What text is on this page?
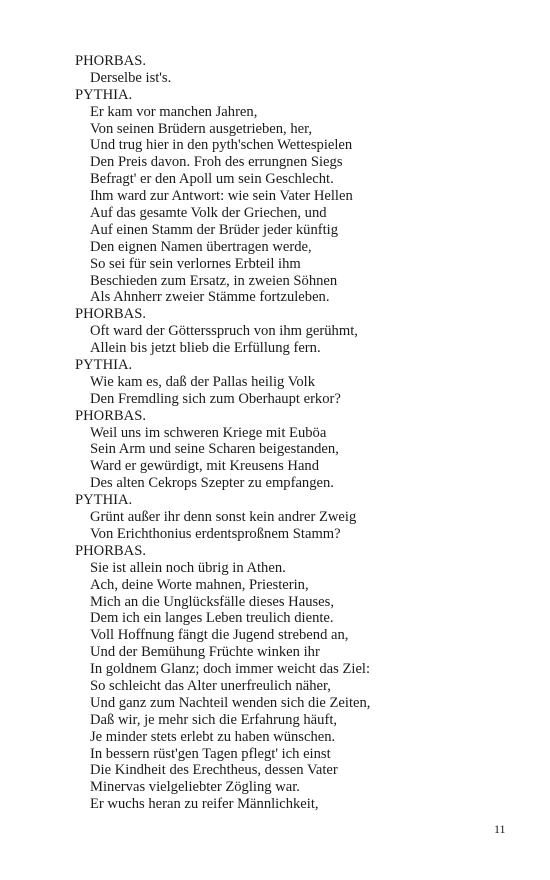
PHORBAS.
Derselbe ist's.
PYTHIA.
Er kam vor manchen Jahren,
Von seinen Brüdern ausgetrieben, her,
Und trug hier in den pyth'schen Wettespielen
Den Preis davon. Froh des errungnen Siegs
Befragt' er den Apoll um sein Geschlecht.
Ihm ward zur Antwort: wie sein Vater Hellen
Auf das gesamte Volk der Griechen, und
Auf einen Stamm der Brüder jeder künftig
Den eignen Namen übertragen werde,
So sei für sein verlornes Erbteil ihm
Beschieden zum Ersatz, in zweien Söhnen
Als Ahnherr zweier Stämme fortzuleben.
PHORBAS.
Oft ward der Göttersspruch von ihm gerühmt,
Allein bis jetzt blieb die Erfüllung fern.
PYTHIA.
Wie kam es, daß der Pallas heilig Volk
Den Fremdling sich zum Oberhaupt erkor?
PHORBAS.
Weil uns im schweren Kriege mit Euböa
Sein Arm und seine Scharen beigestanden,
Ward er gewürdigt, mit Kreusens Hand
Des alten Cekrops Szepter zu empfangen.
PYTHIA.
Grünt außer ihr denn sonst kein andrer Zweig
Von Erichthonius erdentsproßnem Stamm?
PHORBAS.
Sie ist allein noch übrig in Athen.
Ach, deine Worte mahnen, Priesterin,
Mich an die Unglücksfälle dieses Hauses,
Dem ich ein langes Leben treulich diente.
Voll Hoffnung fängt die Jugend strebend an,
Und der Bemühung Früchte winken ihr
In goldnem Glanz; doch immer weicht das Ziel:
So schleicht das Alter unerfreulich näher,
Und ganz zum Nachteil wenden sich die Zeiten,
Daß wir, je mehr sich die Erfahrung häuft,
Je minder stets erlebt zu haben wünschen.
In bessern rüst'gen Tagen pflegt' ich einst
Die Kindheit des Erechtheus, dessen Vater
Minervas vielgeliebter Zögling war.
Er wuchs heran zu reifer Männlichkeit,
11
